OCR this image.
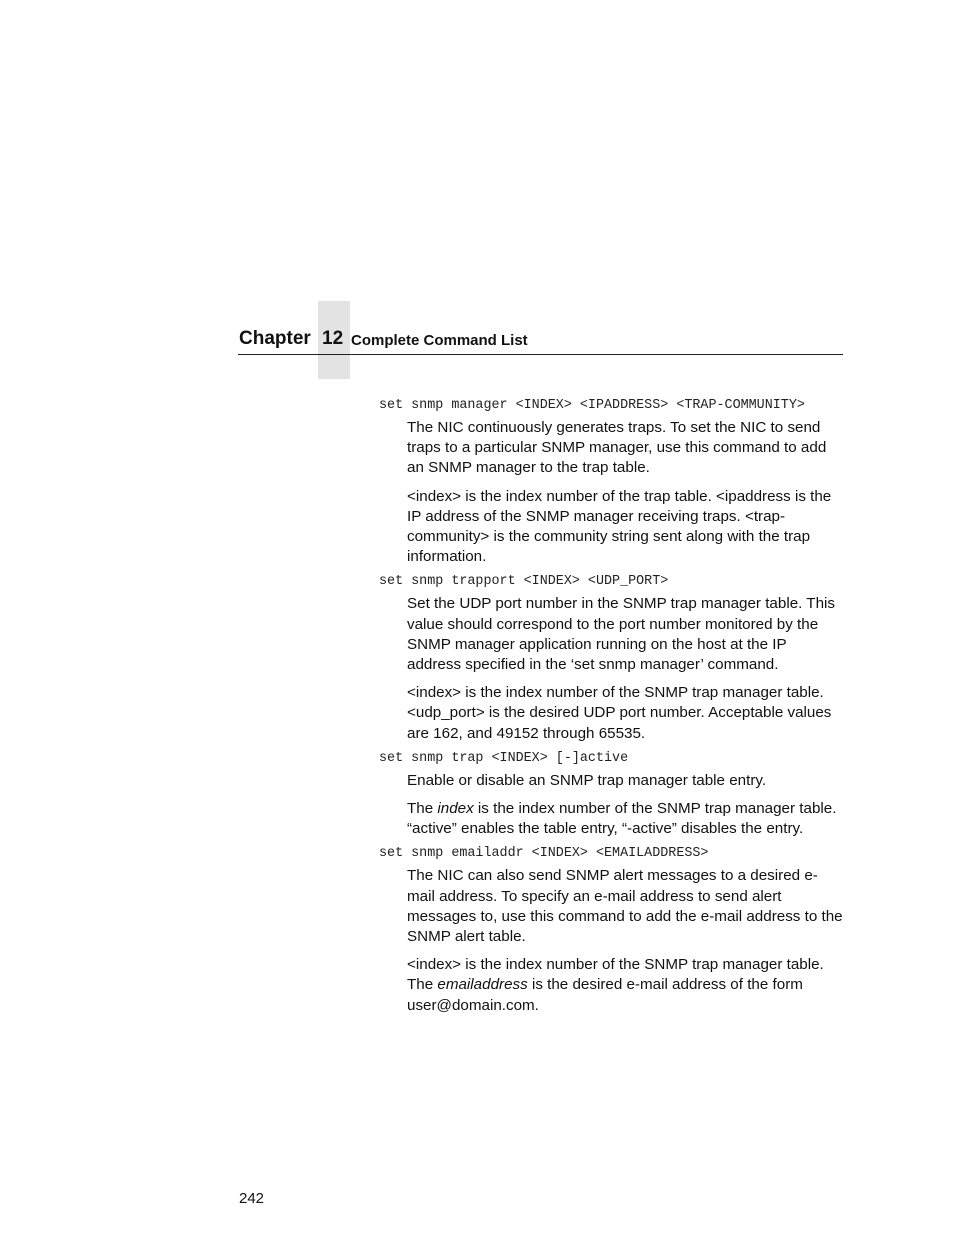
Chapter 12 Complete Command List
set snmp manager <INDEX> <IPADDRESS> <TRAP-COMMUNITY>

The NIC continuously generates traps. To set the NIC to send traps to a particular SNMP manager, use this command to add an SNMP manager to the trap table.

<index> is the index number of the trap table. <ipaddress is the IP address of the SNMP manager receiving traps. <trap-community> is the community string sent along with the trap information.

set snmp trapport <INDEX> <UDP_PORT>

Set the UDP port number in the SNMP trap manager table. This value should correspond to the port number monitored by the SNMP manager application running on the host at the IP address specified in the ‘set snmp manager’ command.

<index> is the index number of the SNMP trap manager table. <udp_port> is the desired UDP port number. Acceptable values are 162, and 49152 through 65535.

set snmp trap <INDEX> [-]active

Enable or disable an SNMP trap manager table entry.

The index is the index number of the SNMP trap manager table. “active” enables the table entry, “-active” disables the entry.

set snmp emailaddr <INDEX> <EMAILADDRESS>

The NIC can also send SNMP alert messages to a desired e-mail address. To specify an e-mail address to send alert messages to, use this command to add the e-mail address to the SNMP alert table.

<index> is the index number of the SNMP trap manager table. The emailaddress is the desired e-mail address of the form user@domain.com.

242
